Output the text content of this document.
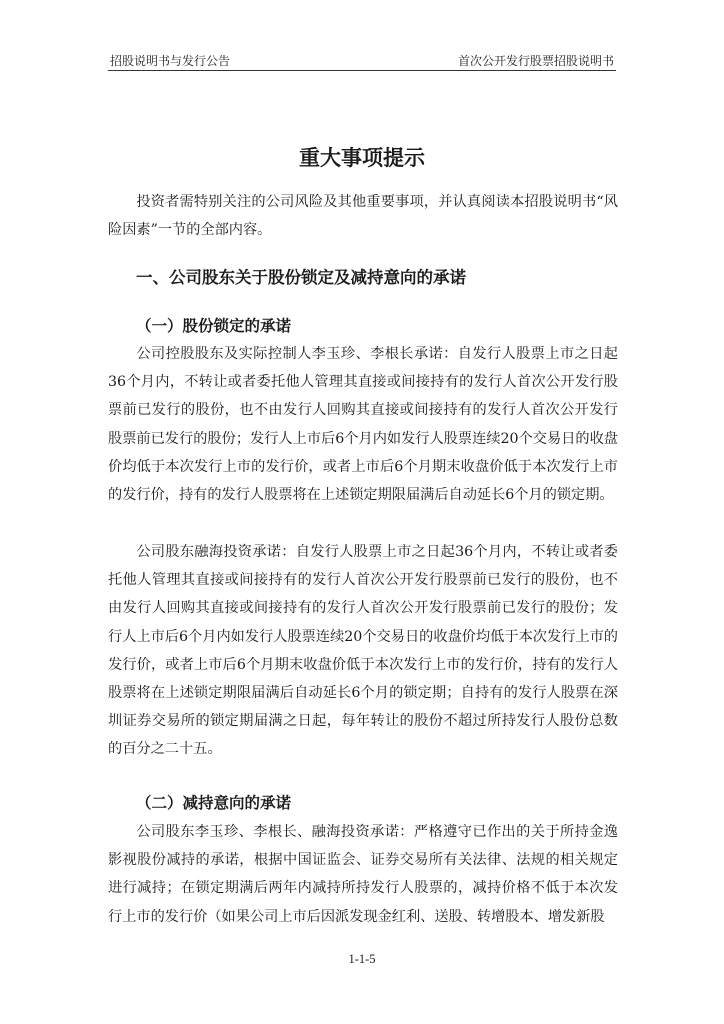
招股说明书与发行公告	首次公开发行股票招股说明书
重大事项提示

投资者需特别关注的公司风险及其他重要事项，并认真阅读本招股说明书“风险因素”一节的全部内容。

一、公司股东关于股份锁定及减持意向的承诺
（一）股份锁定的承诺

公司控股股东及实际控制人李玉珍、李根长承诺：自发行人股票上市之日起36个月内，不转让或者委托他人管理其直接或间接持有的发行人首次公开发行股票前已发行的股份，也不由发行人回购其直接或间接持有的发行人首次公开发行股票前已发行的股份；发行人上市后6个月内如发行人股票连续20个交易日的收盘价均低于本次发行上市的发行价，或者上市后6个月期末收盘价低于本次发行上市的发行价，持有的发行人股票将在上述锁定期限届满后自动延长6个月的锁定期。

公司股东融海投资承诺：自发行人股票上市之日起36个月内，不转让或者委托他人管理其直接或间接持有的发行人首次公开发行股票前已发行的股份，也不由发行人回购其直接或间接持有的发行人首次公开发行股票前已发行的股份；发行人上市后6个月内如发行人股票连续20个交易日的收盘价均低于本次发行上市的发行价，或者上市后6个月期末收盘价低于本次发行上市的发行价，持有的发行人股票将在上述锁定期限届满后自动延长6个月的锁定期；自持有的发行人股票在深圳证券交易所的锁定期届满之日起，每年转让的股份不超过所持发行人股份总数的百分之二十五。

（二）减持意向的承诺

公司股东李玉珍、李根长、融海投资承诺：严格遵守已作出的关于所持金逸影视股份减持的承诺，根据中国证监会、证券交易所有关法律、法规的相关规定进行减持；在锁定期满后两年内减持所持发行人股票的，减持价格不低于本次发行上市的发行价（如果公司上市后因派发现金红利、送股、转增股本、增发新股

1-1-5
